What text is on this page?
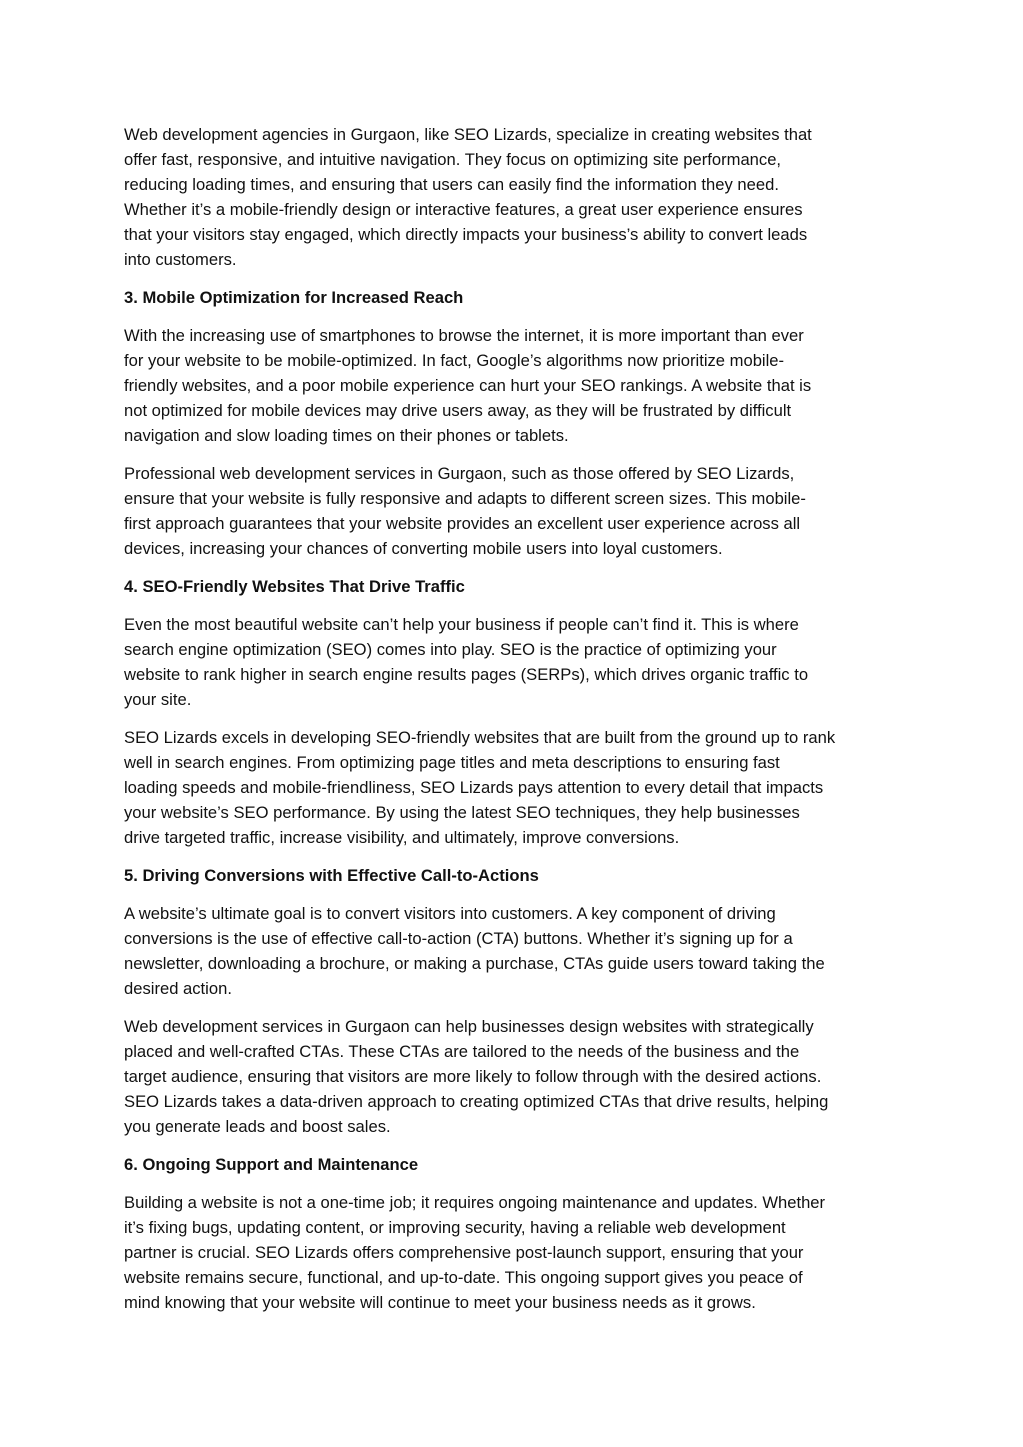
Web development agencies in Gurgaon, like SEO Lizards, specialize in creating websites that
offer fast, responsive, and intuitive navigation. They focus on optimizing site performance,
reducing loading times, and ensuring that users can easily find the information they need.
Whether it’s a mobile-friendly design or interactive features, a great user experience ensures
that your visitors stay engaged, which directly impacts your business’s ability to convert leads
into customers.

3. Mobile Optimization for Increased Reach

With the increasing use of smartphones to browse the internet, it is more important than ever
for your website to be mobile-optimized. In fact, Google’s algorithms now prioritize mobile-
friendly websites, and a poor mobile experience can hurt your SEO rankings. A website that is
not optimized for mobile devices may drive users away, as they will be frustrated by difficult
navigation and slow loading times on their phones or tablets.

Professional web development services in Gurgaon, such as those offered by SEO Lizards,
ensure that your website is fully responsive and adapts to different screen sizes. This mobile-
first approach guarantees that your website provides an excellent user experience across all
devices, increasing your chances of converting mobile users into loyal customers.

4. SEO-Friendly Websites That Drive Traffic

Even the most beautiful website can’t help your business if people can’t find it. This is where
search engine optimization (SEO) comes into play. SEO is the practice of optimizing your
website to rank higher in search engine results pages (SERPs), which drives organic traffic to
your site.

SEO Lizards excels in developing SEO-friendly websites that are built from the ground up to rank
well in search engines. From optimizing page titles and meta descriptions to ensuring fast
loading speeds and mobile-friendliness, SEO Lizards pays attention to every detail that impacts
your website’s SEO performance. By using the latest SEO techniques, they help businesses
drive targeted traffic, increase visibility, and ultimately, improve conversions.

5. Driving Conversions with Effective Call-to-Actions

A website’s ultimate goal is to convert visitors into customers. A key component of driving
conversions is the use of effective call-to-action (CTA) buttons. Whether it’s signing up for a
newsletter, downloading a brochure, or making a purchase, CTAs guide users toward taking the
desired action.

Web development services in Gurgaon can help businesses design websites with strategically
placed and well-crafted CTAs. These CTAs are tailored to the needs of the business and the
target audience, ensuring that visitors are more likely to follow through with the desired actions.
SEO Lizards takes a data-driven approach to creating optimized CTAs that drive results, helping
you generate leads and boost sales.

6. Ongoing Support and Maintenance

Building a website is not a one-time job; it requires ongoing maintenance and updates. Whether
it’s fixing bugs, updating content, or improving security, having a reliable web development
partner is crucial. SEO Lizards offers comprehensive post-launch support, ensuring that your
website remains secure, functional, and up-to-date. This ongoing support gives you peace of
mind knowing that your website will continue to meet your business needs as it grows.
